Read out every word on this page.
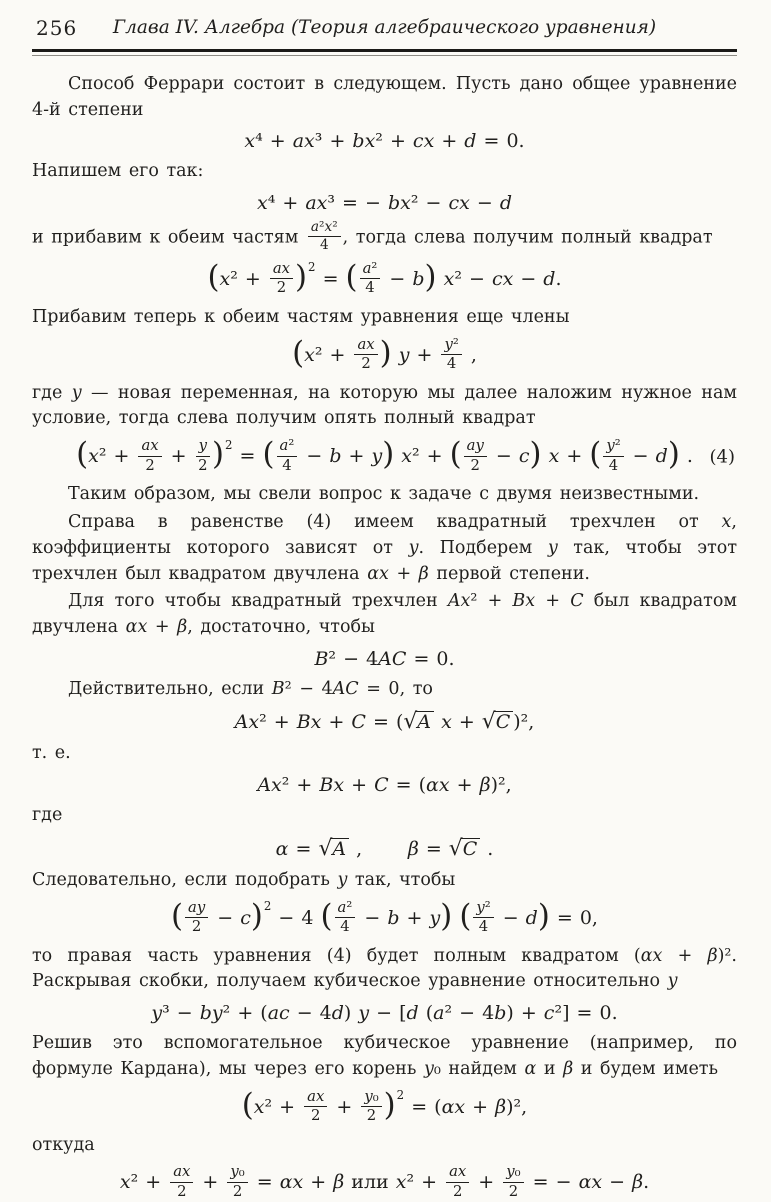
256	Глава IV. Алгебра (Теория алгебраического уравнения)
Способ Феррари состоит в следующем. Пусть дано общее уравнение 4-й степени
x⁴ + ax³ + bx² + cx + d = 0.
Напишем его так:
x⁴ + ax³ = − bx² − cx − d
и прибавим к обеим частям $\frac{\text{a²x²}}{4}$ , тогда слева получим полный квадрат
$(x^2 + \frac{ax}{2} )^2$ = ( $\frac{\text{a²}}{4} - b$) x² − cx − d.
Прибавим теперь к обеим частям уравнения еще члены
($x^2 + \frac{ax}{2}$ ) $y + \frac{\text{y²}}{4}$ ,
где y — новая переменная, на которую мы далее наложим нужное нам условие, тогда слева получим опять полный квадрат
$(x^2 + \frac{ax}{2} + \frac{y}{2} )^2$ = ( $\frac{\text{a²}}{4} - b + y$) x² + ( $\frac{ay}{2} - c$) x + ( $\frac{\text{y²}}{4} - d$) . (4)
Таким образом, мы свели вопрос к задаче с двумя неизвестными.
Справа в равенстве (4) имеем квадратный трехчлен от x, коэффициенты которого зависят от y. Подберем y так, чтобы этот трехчлен был квадратом двучлена αx + β первой степени.
Для того чтобы квадратный трехчлен Ax² + Bx + C был квадратом двучлена αx + β, достаточно, чтобы
B² − 4AC = 0.
Действительно, если B² − 4AC = 0, то
Ax² + Bx + C = (√A x + √C )²,
т. е.
Ax² + Bx + C = (αx + β)²,
где
α = √A , β = √C .
Следовательно, если подобрать y так, чтобы
( $\frac{ay}{2} - c)^2 - 4$ ( $\frac{\text{a²}}{4} - b + y$) ( $\frac{\text{y²}}{4} - d) = 0$,
то правая часть уравнения (4) будет полным квадратом (αx + β)². Раскрывая скобки, получаем кубическое уравнение относительно y
y³ − by² + (ac − 4d) y − [d (a² − 4b) + c²] = 0.
Решив это вспомогательное кубическое уравнение (например, по формуле Кардана), мы через его корень y₀ найдем α и β и будем иметь
$(x^2 + \frac{ax}{2} + \frac{\text{y₀}}{2} )^2 = (\alpha x + \beta)^2$,
откуда
$x^2 + \frac{ax}{2} + \frac{\text{y₀}}{2} = \alpha x + \beta$ или $x^2 + \frac{ax}{2} + \frac{\text{y₀}}{2}$ = − αx − β.
